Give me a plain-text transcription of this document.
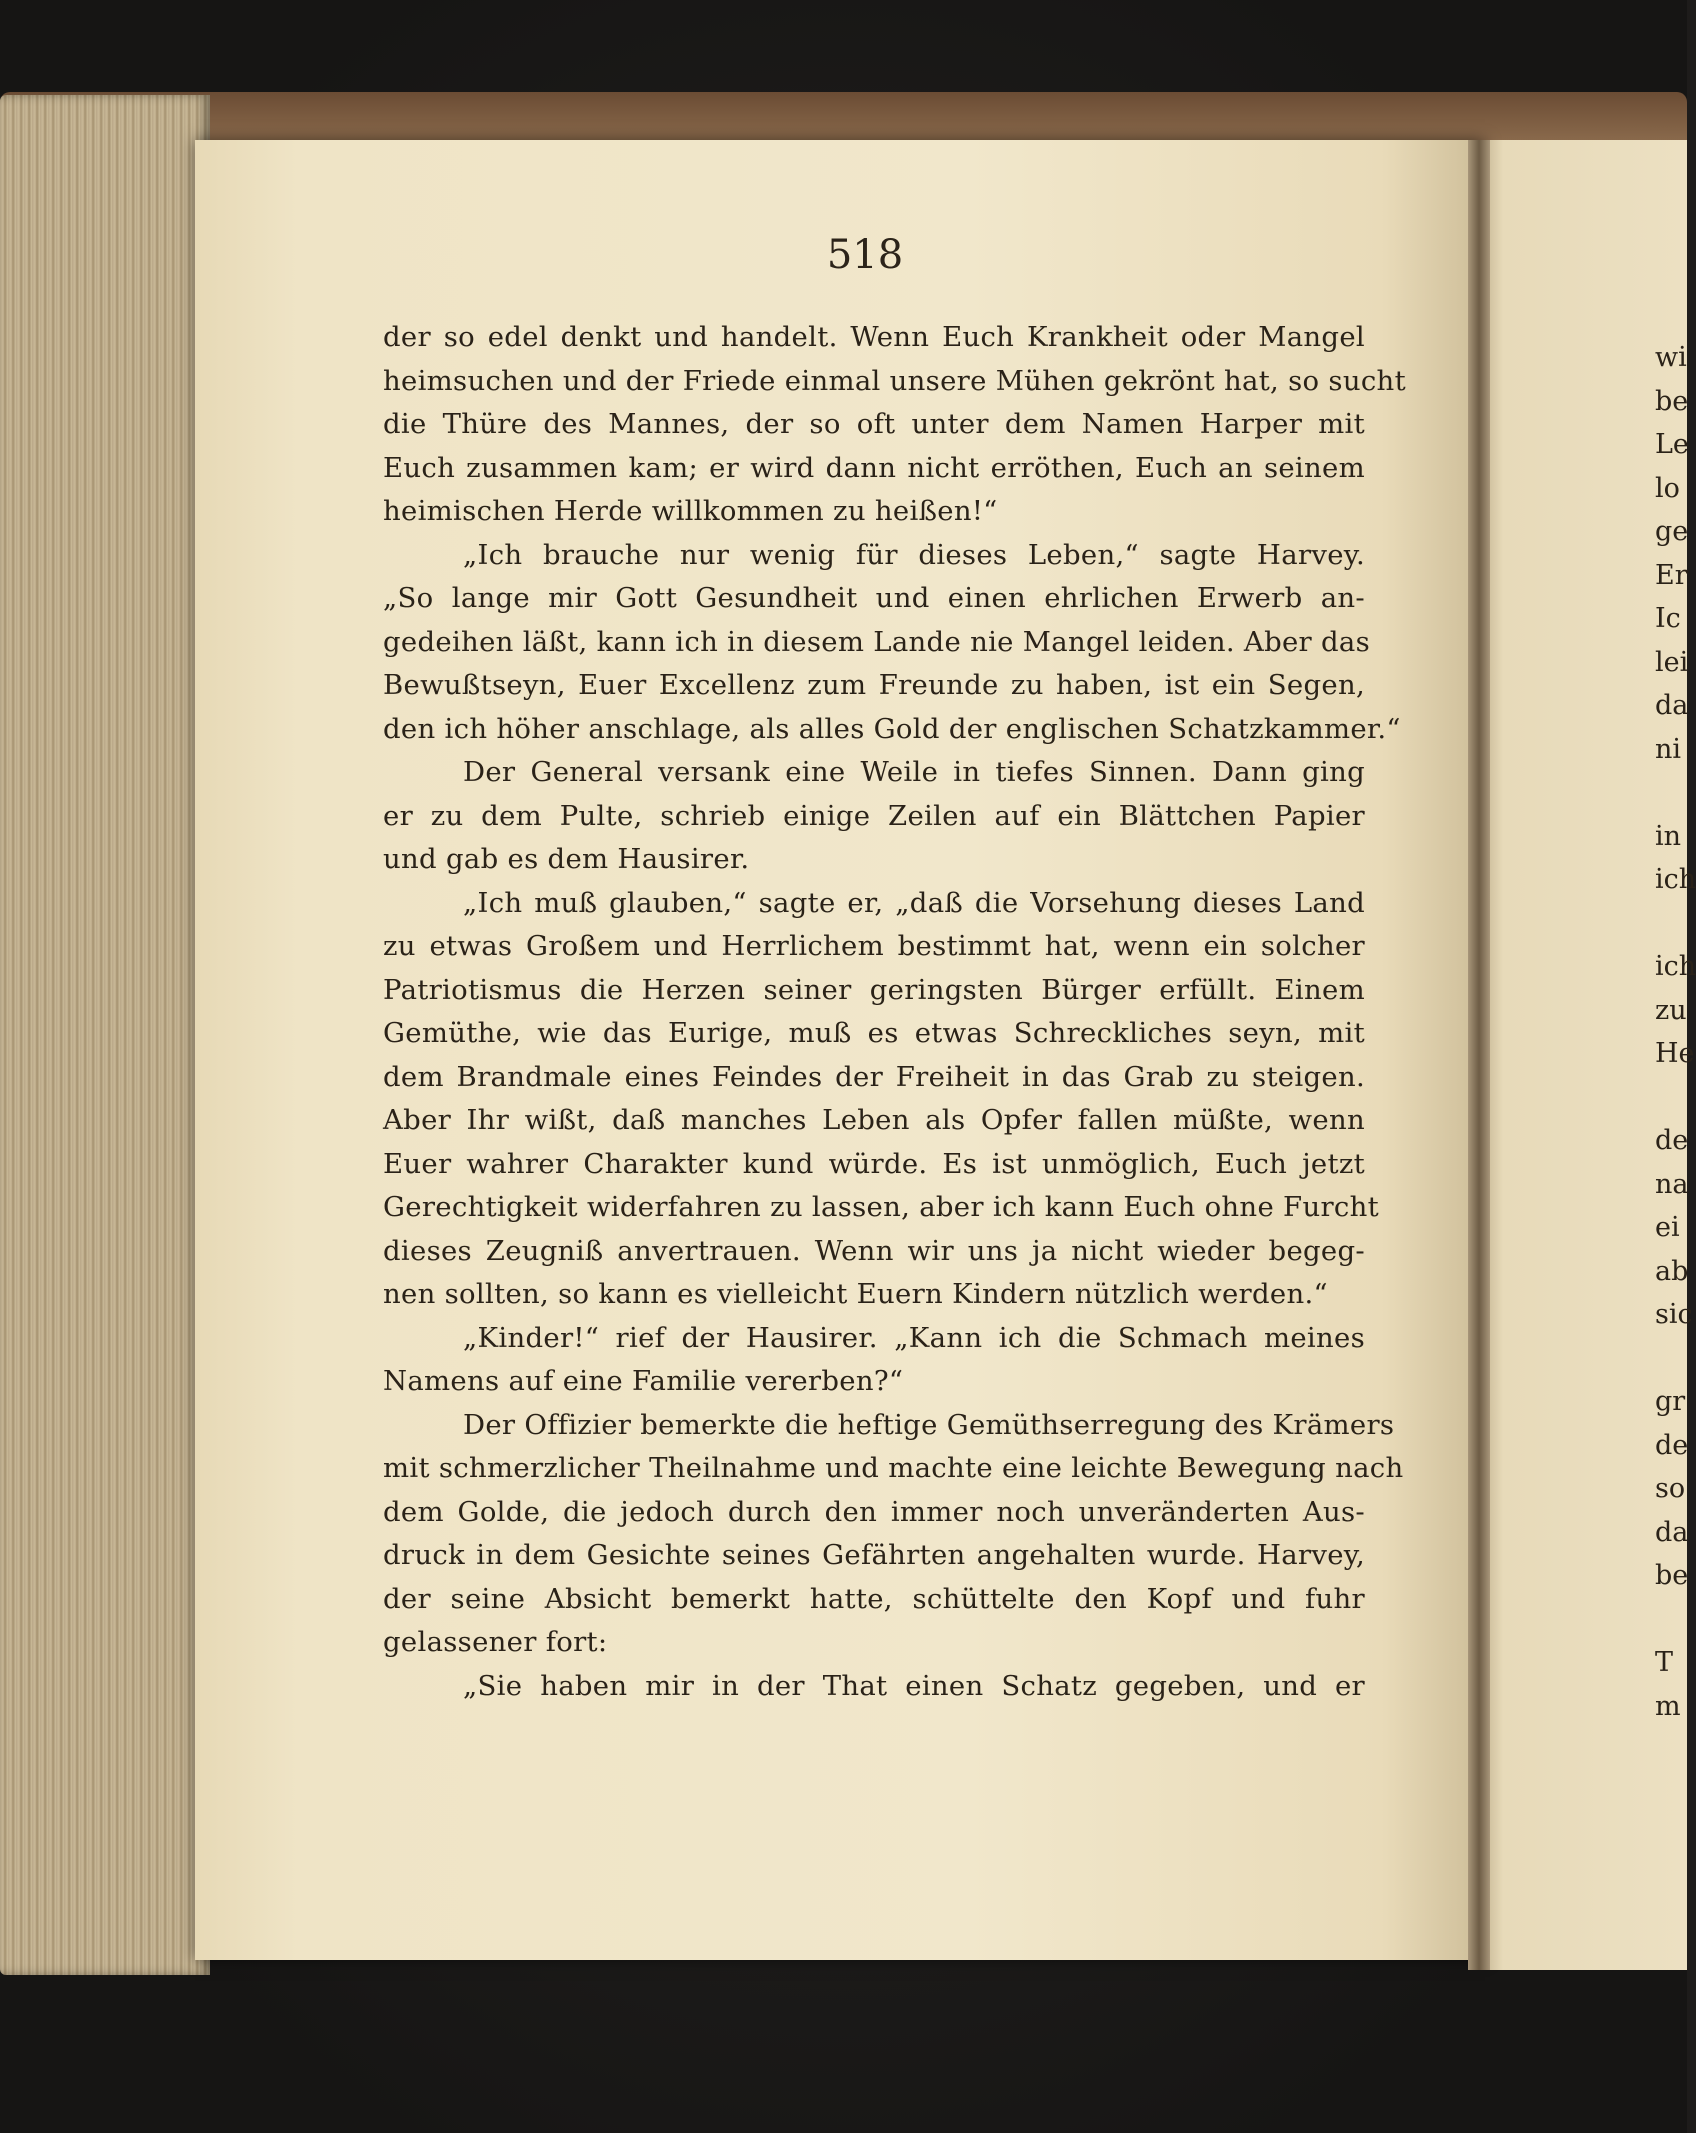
518
der so edel denkt und handelt. Wenn Euch Krankheit oder Mangel
heimsuchen und der Friede einmal unsere Mühen gekrönt hat, so sucht
die Thüre des Mannes, der so oft unter dem Namen Harper mit
Euch zusammen kam; er wird dann nicht erröthen, Euch an seinem
heimischen Herde willkommen zu heißen!“
„Ich brauche nur wenig für dieses Leben,“ sagte Harvey.
„So lange mir Gott Gesundheit und einen ehrlichen Erwerb an-
gedeihen läßt, kann ich in diesem Lande nie Mangel leiden. Aber das
Bewußtseyn, Euer Excellenz zum Freunde zu haben, ist ein Segen,
den ich höher anschlage, als alles Gold der englischen Schatzkammer.“
Der General versank eine Weile in tiefes Sinnen. Dann ging
er zu dem Pulte, schrieb einige Zeilen auf ein Blättchen Papier
und gab es dem Hausirer.
„Ich muß glauben,“ sagte er, „daß die Vorsehung dieses Land
zu etwas Großem und Herrlichem bestimmt hat, wenn ein solcher
Patriotismus die Herzen seiner geringsten Bürger erfüllt. Einem
Gemüthe, wie das Eurige, muß es etwas Schreckliches seyn, mit
dem Brandmale eines Feindes der Freiheit in das Grab zu steigen.
Aber Ihr wißt, daß manches Leben als Opfer fallen müßte, wenn
Euer wahrer Charakter kund würde. Es ist unmöglich, Euch jetzt
Gerechtigkeit widerfahren zu lassen, aber ich kann Euch ohne Furcht
dieses Zeugniß anvertrauen. Wenn wir uns ja nicht wieder begeg-
nen sollten, so kann es vielleicht Euern Kindern nützlich werden.“
„Kinder!“ rief der Hausirer. „Kann ich die Schmach meines
Namens auf eine Familie vererben?“
Der Offizier bemerkte die heftige Gemüthserregung des Krämers
mit schmerzlicher Theilnahme und machte eine leichte Bewegung nach
dem Golde, die jedoch durch den immer noch unveränderten Aus-
druck in dem Gesichte seines Gefährten angehalten wurde. Harvey,
der seine Absicht bemerkt hatte, schüttelte den Kopf und fuhr
gelassener fort:
„Sie haben mir in der That einen Schatz gegeben, und er
wi
be
Le
lo
ge
Er
Ic
lei
da
ni
in
ich
ich
zu
He
de
na
ei
ab
sic
gr
de
so
da
be
T
m
